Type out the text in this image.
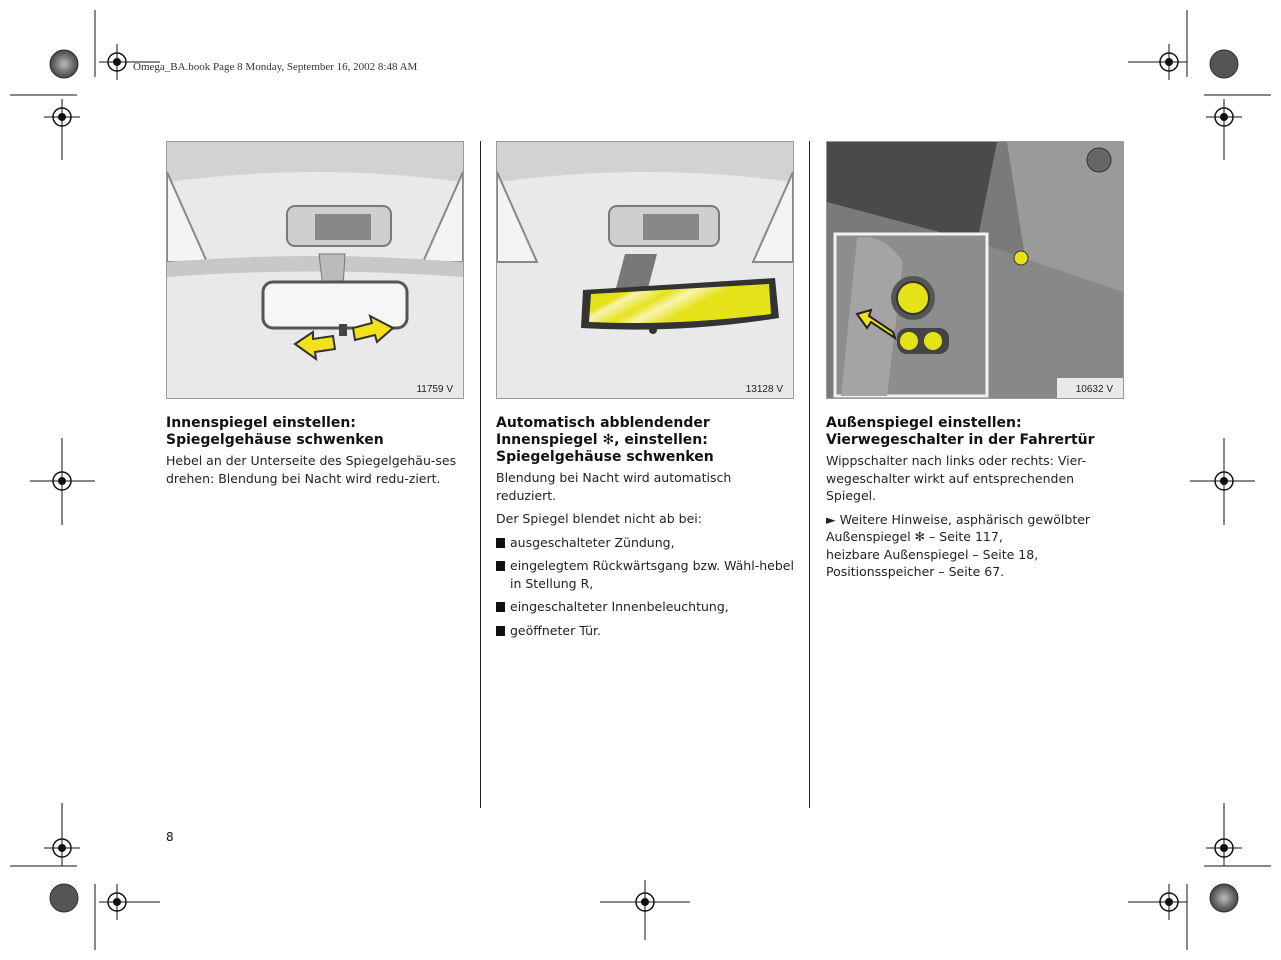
Omega_BA.book Page 8 Monday, September 16, 2002 8:48 AM
11759 V
Innenspiegel einstellen:
Spiegelgehäuse schwenken
Hebel an der Unterseite des Spiegelgehäu-ses drehen: Blendung bei Nacht wird redu-ziert.
13128 V
Automatisch abblendender
Innenspiegel ✻, einstellen:
Spiegelgehäuse schwenken
Blendung bei Nacht wird automatisch reduziert.
Der Spiegel blendet nicht ab bei:
ausgeschalteter Zündung,
eingelegtem Rückwärtsgang bzw. Wähl-hebel in Stellung R,
eingeschalteter Innenbeleuchtung,
geöffneter Tür.
10632 V
Außenspiegel einstellen:
Vierwegeschalter in der Fahrertür
Wippschalter nach links oder rechts: Vier-wegeschalter wirkt auf entsprechenden Spiegel.
► Weitere Hinweise, asphärisch gewölbter Außenspiegel ✻ – Seite 117,
heizbare Außenspiegel – Seite 18,
Positionsspeicher – Seite 67.
8
